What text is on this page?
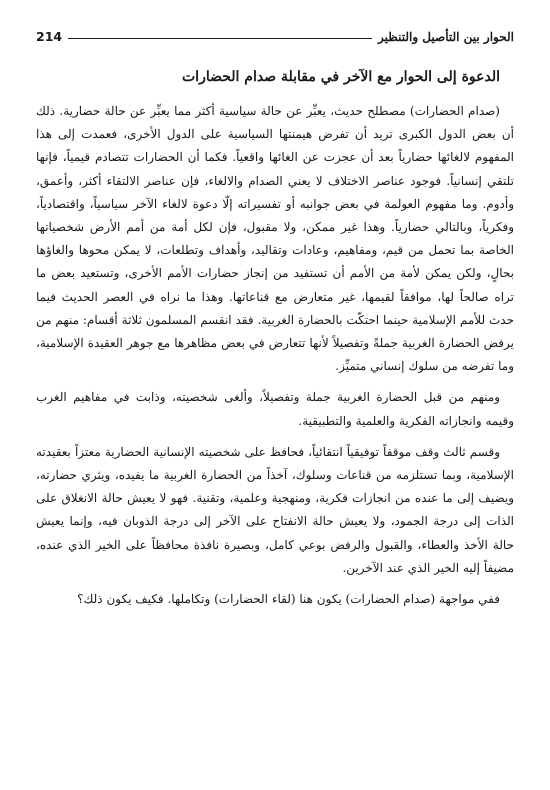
الحوار بين التأصيل والتنظير
214
الدعوة إلى الحوار مع الآخر في مقابلة صدام الحضارات

(صدام الحضارات) مصطلح حديث، يعبِّر عن حالة سياسية أكثر مما يعبِّر عن حالة حضارية. ذلك أن بعض الدول الكبرى تريد أن تفرض هيمنتها السياسية على الدول الأخرى، فعمدت إلى هذا المفهوم لالغائها حضارياً بعد أن عجزت عن الغائها واقعياً. فكما أن الحضارات تتصادم قيمياً، فإنها تلتقي إنسانياً. فوجود عناصر الاختلاف لا يعني الصدام والالغاء، فإن عناصر الالتقاء أكثر، وأعمق، وأدوم. وما مفهوم العولمة في بعض جوانبه أو تفسيراته إلّا دعوة لالغاء الآخر سياسياً، واقتصادياً، وفكرياً، وبالتالي حضارياً. وهذا غير ممكن، ولا مقبول، فإن لكل أمة من أمم الأرض شخصياتها الخاصة بما تحمل من قيم، ومفاهيم، وعادات وتقاليد، وأهداف وتطلعات، لا يمكن محوها والغاؤها بحالٍ، ولكن يمكن لأمة من الأمم أن تستفيد من إنجاز حضارات الأمم الأخرى، وتستعيد بعض ما تراه صالحاً لها، موافقاً لقيمها، غير متعارض مع قناعاتها. وهذا ما نراه في العصر الحديث فيما حدث للأمم الإسلامية حينما احتكّت بالحضارة الغربية. فقد انقسم المسلمون ثلاثة أقسام: منهم من يرفض الحضارة الغربية جملةً وتفصيلاً لأنها تتعارض في بعض مظاهرها مع جوهر العقيدة الإسلامية، وما تفرضه من سلوك إنساني متميِّز.

ومنهم من قبل الحضارة الغربية جملة وتفصيلاً، وألغى شخصيته، وذابت في مفاهيم الغرب وقيمه وانجازاته الفكرية والعلمية والتطبيقية.

وقسم ثالث وقف موقفاً توفيقياً انتقائياً، فحافظ على شخصيته الإنسانية الحضارية معتزاً بعقيدته الإسلامية، وبما تستلزمه من قناعات وسلوك، آخذاً من الحضارة الغربية ما يفيده، ويثري حضارته، ويضيف إلى ما عنده من انجازات فكرية، ومنهجية وعلمية، وتقنية. فهو لا يعيش حالة الانغلاق على الذات إلى درجة الجمود، ولا يعيش حالة الانفتاح على الآخر إلى درجة الذوبان فيه، وإنما يعيش حالة الأخذ والعطاء، والقبول والرفض بوعي كامل، وبصيرة نافذة محافظاً على الخير الذي عنده، مضيفاً إليه الخير الذي عند الآخرين.

ففي مواجهة (صدام الحضارات) يكون هنا (لقاء الحضارات) وتكاملها. فكيف يكون ذلك؟
